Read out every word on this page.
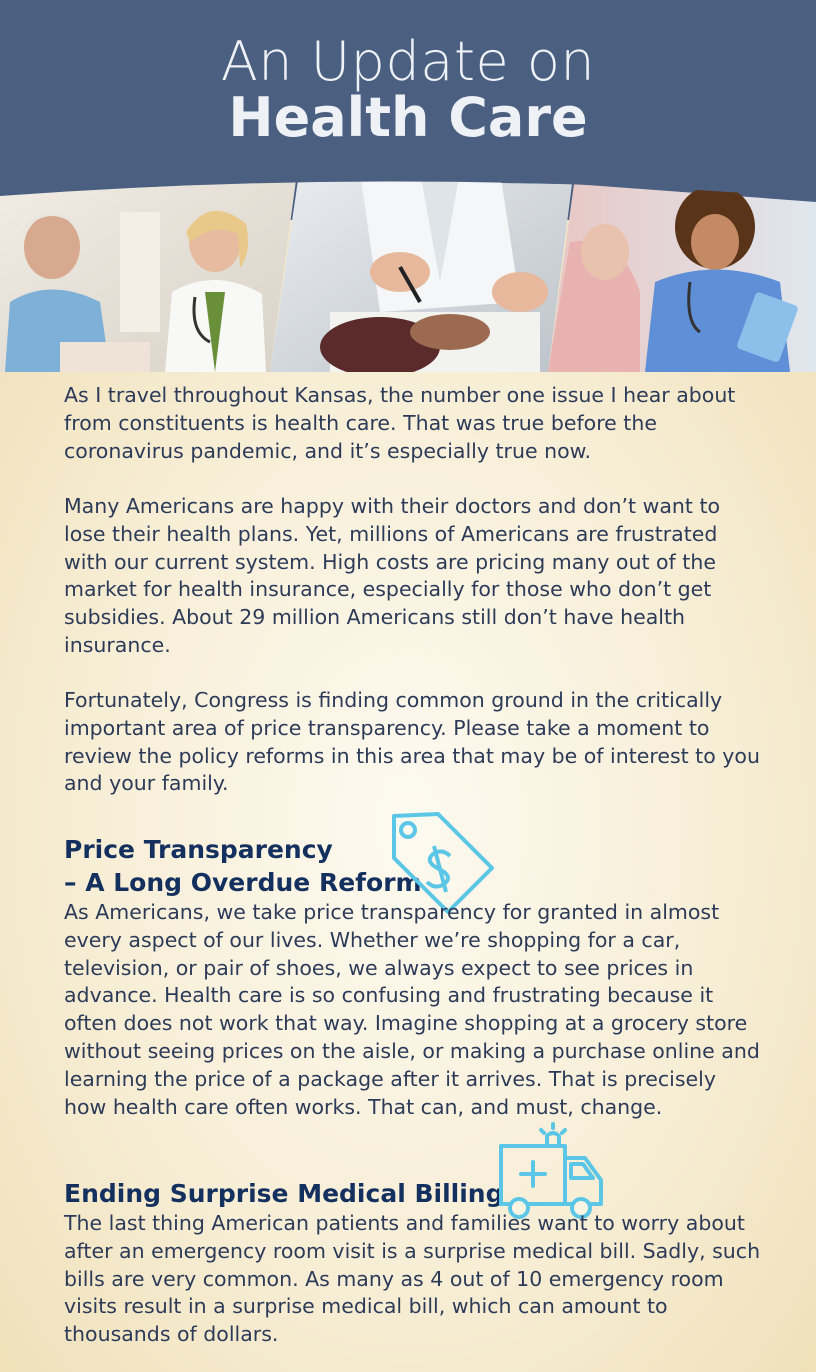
An Update on
Health Care

As I travel throughout Kansas, the number one issue I hear about from constituents is health care. That was true before the coronavirus pandemic, and it’s especially true now.

Many Americans are happy with their doctors and don’t want to lose their health plans. Yet, millions of Americans are frustrated with our current system. High costs are pricing many out of the market for health insurance, especially for those who don’t get subsidies. About 29 million Americans still don’t have health insurance.

Fortunately, Congress is finding common ground in the critically important area of price transparency. Please take a moment to review the policy reforms in this area that may be of interest to you and your family.

Price Transparency
– A Long Overdue Reform

As Americans, we take price transparency for granted in almost every aspect of our lives. Whether we’re shopping for a car, television, or pair of shoes, we always expect to see prices in advance. Health care is so confusing and frustrating because it often does not work that way. Imagine shopping at a grocery store without seeing prices on the aisle, or making a purchase online and learning the price of a package after it arrives. That is precisely how health care often works. That can, and must, change.

Ending Surprise Medical Billing

The last thing American patients and families want to worry about after an emergency room visit is a surprise medical bill. Sadly, such bills are very common. As many as 4 out of 10 emergency room visits result in a surprise medical bill, which can amount to thousands of dollars.
